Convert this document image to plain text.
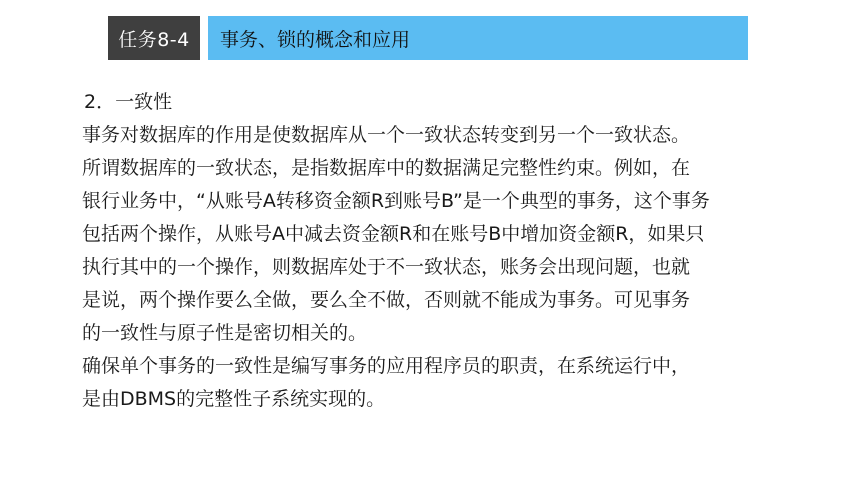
任务8-4	事务、锁的概念和应用
2．一致性
事务对数据库的作用是使数据库从一个一致状态转变到另一个一致状态。
所谓数据库的一致状态，是指数据库中的数据满足完整性约束。例如，在
银行业务中，“从账号A转移资金额R到账号B”是一个典型的事务，这个事务
包括两个操作，从账号A中减去资金额R和在账号B中增加资金额R，如果只
执行其中的一个操作，则数据库处于不一致状态，账务会出现问题，也就
是说，两个操作要么全做，要么全不做，否则就不能成为事务。可见事务
的一致性与原子性是密切相关的。
确保单个事务的一致性是编写事务的应用程序员的职责，在系统运行中，
是由DBMS的完整性子系统实现的。
